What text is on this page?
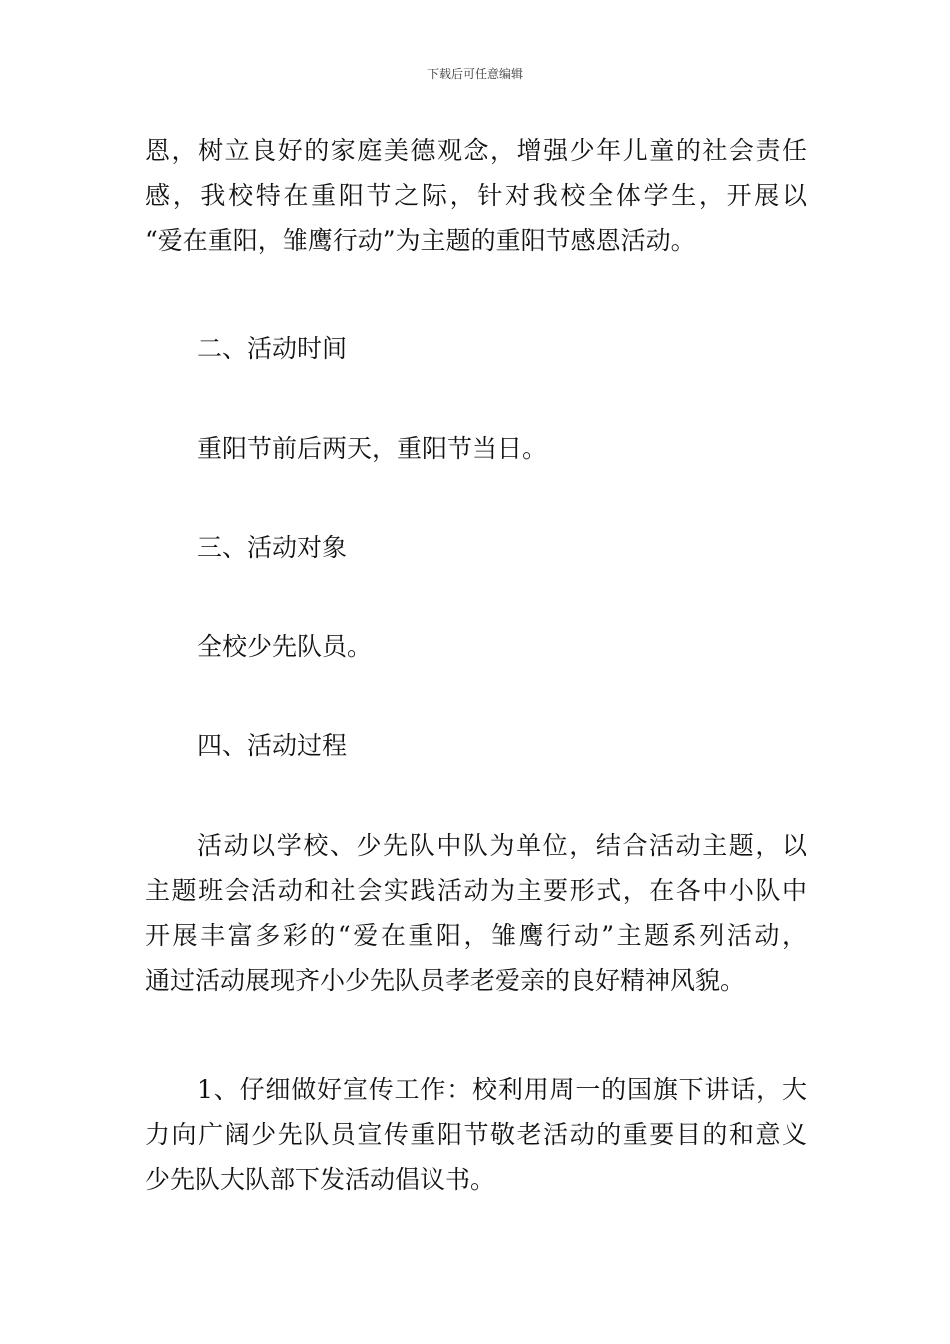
下载后可任意编辑
恩，树立良好的家庭美德观念，增强少年儿童的社会责任
感，我校特在重阳节之际，针对我校全体学生，开展以
“爱在重阳，雏鹰行动”为主题的重阳节感恩活动。
二、活动时间
重阳节前后两天，重阳节当日。
三、活动对象
全校少先队员。
四、活动过程
活动以学校、少先队中队为单位，结合活动主题，以
主题班会活动和社会实践活动为主要形式，在各中小队中
开展丰富多彩的“爱在重阳，雏鹰行动”主题系列活动，
通过活动展现齐小少先队员孝老爱亲的良好精神风貌。
1、仔细做好宣传工作：校利用周一的国旗下讲话，大
力向广阔少先队员宣传重阳节敬老活动的重要目的和意义
少先队大队部下发活动倡议书。
